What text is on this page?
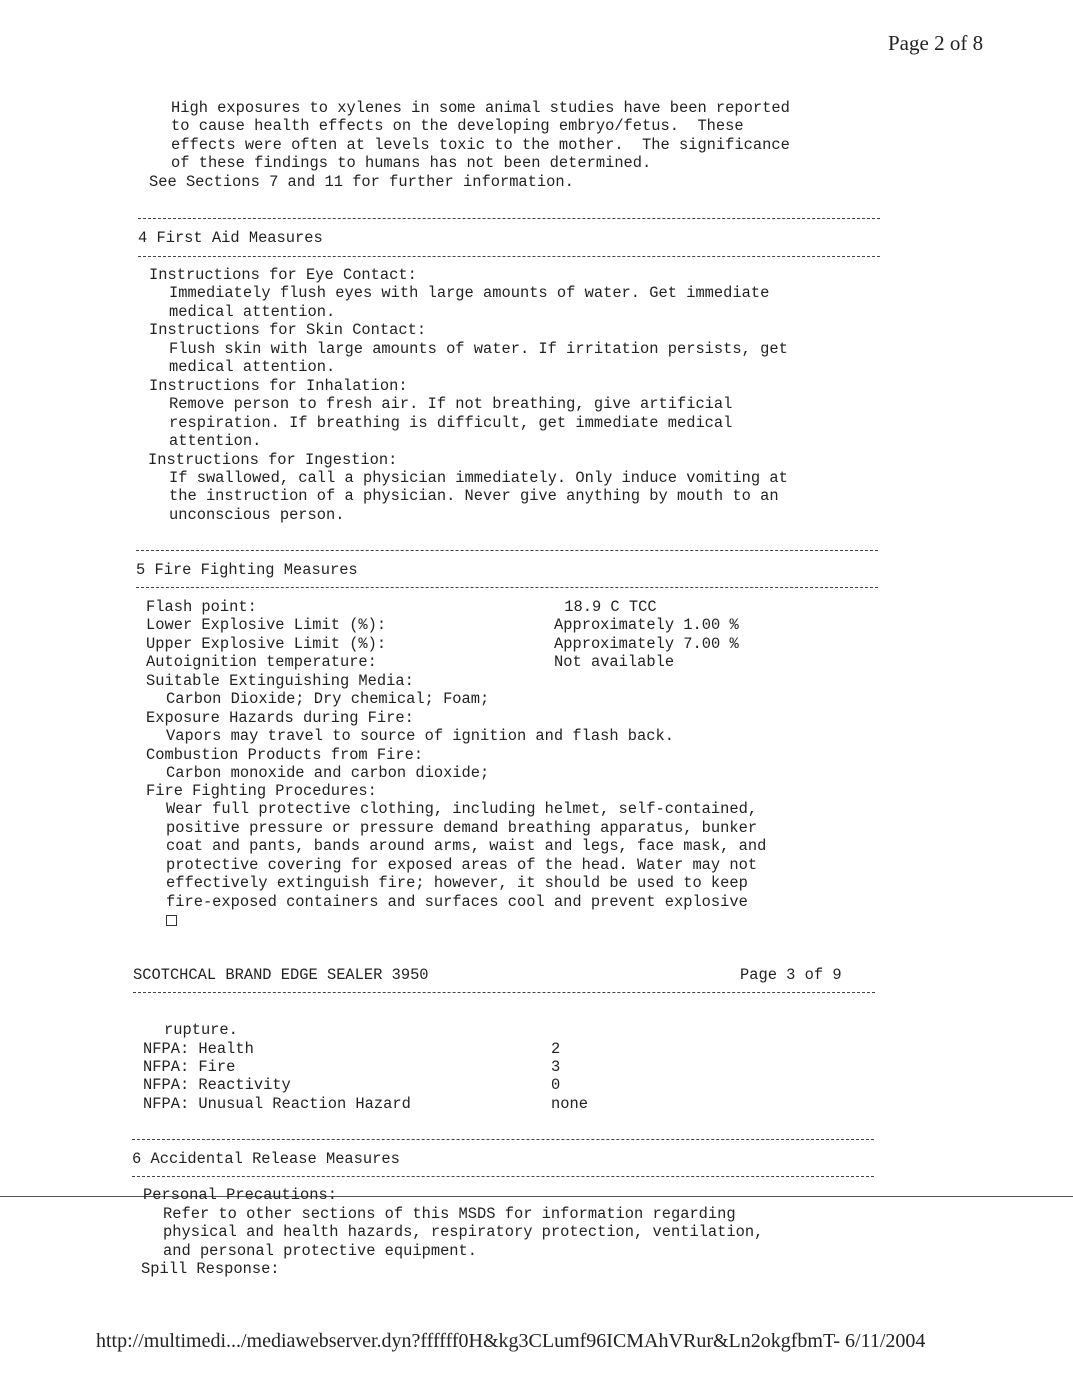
Page 2 of 8
High exposures to xylenes in some animal studies have been reported
to cause health effects on the developing embryo/fetus.  These
effects were often at levels toxic to the mother.  The significance
of these findings to humans has not been determined.
See Sections 7 and 11 for further information.
4 First Aid Measures
Instructions for Eye Contact:
Immediately flush eyes with large amounts of water. Get immediate
medical attention.
Instructions for Skin Contact:
Flush skin with large amounts of water. If irritation persists, get
medical attention.
Instructions for Inhalation:
Remove person to fresh air. If not breathing, give artificial
respiration. If breathing is difficult, get immediate medical
attention.
Instructions for Ingestion:
If swallowed, call a physician immediately. Only induce vomiting at
the instruction of a physician. Never give anything by mouth to an
unconscious person.
5 Fire Fighting Measures
Flash point:	18.9 C TCC
Lower Explosive Limit (%):	Approximately 1.00 %
Upper Explosive Limit (%):	Approximately 7.00 %
Autoignition temperature:	Not available
Suitable Extinguishing Media:
Carbon Dioxide; Dry chemical; Foam;
Exposure Hazards during Fire:
Vapors may travel to source of ignition and flash back.
Combustion Products from Fire:
Carbon monoxide and carbon dioxide;
Fire Fighting Procedures:
Wear full protective clothing, including helmet, self-contained,
positive pressure or pressure demand breathing apparatus, bunker
coat and pants, bands around arms, waist and legs, face mask, and
protective covering for exposed areas of the head. Water may not
effectively extinguish fire; however, it should be used to keep
fire-exposed containers and surfaces cool and prevent explosive
SCOTCHCAL BRAND EDGE SEALER 3950	Page 3 of 9
rupture.
NFPA: Health	2
NFPA: Fire	3
NFPA: Reactivity	0
NFPA: Unusual Reaction Hazard	none
6 Accidental Release Measures
Personal Precautions:
Refer to other sections of this MSDS for information regarding
physical and health hazards, respiratory protection, ventilation,
and personal protective equipment.
Spill Response:
http://multimedi.../mediawebserver.dyn?ffffff0H&kg3CLumf96ICMAhVRur&Ln2okgfbmT- 6/11/2004
